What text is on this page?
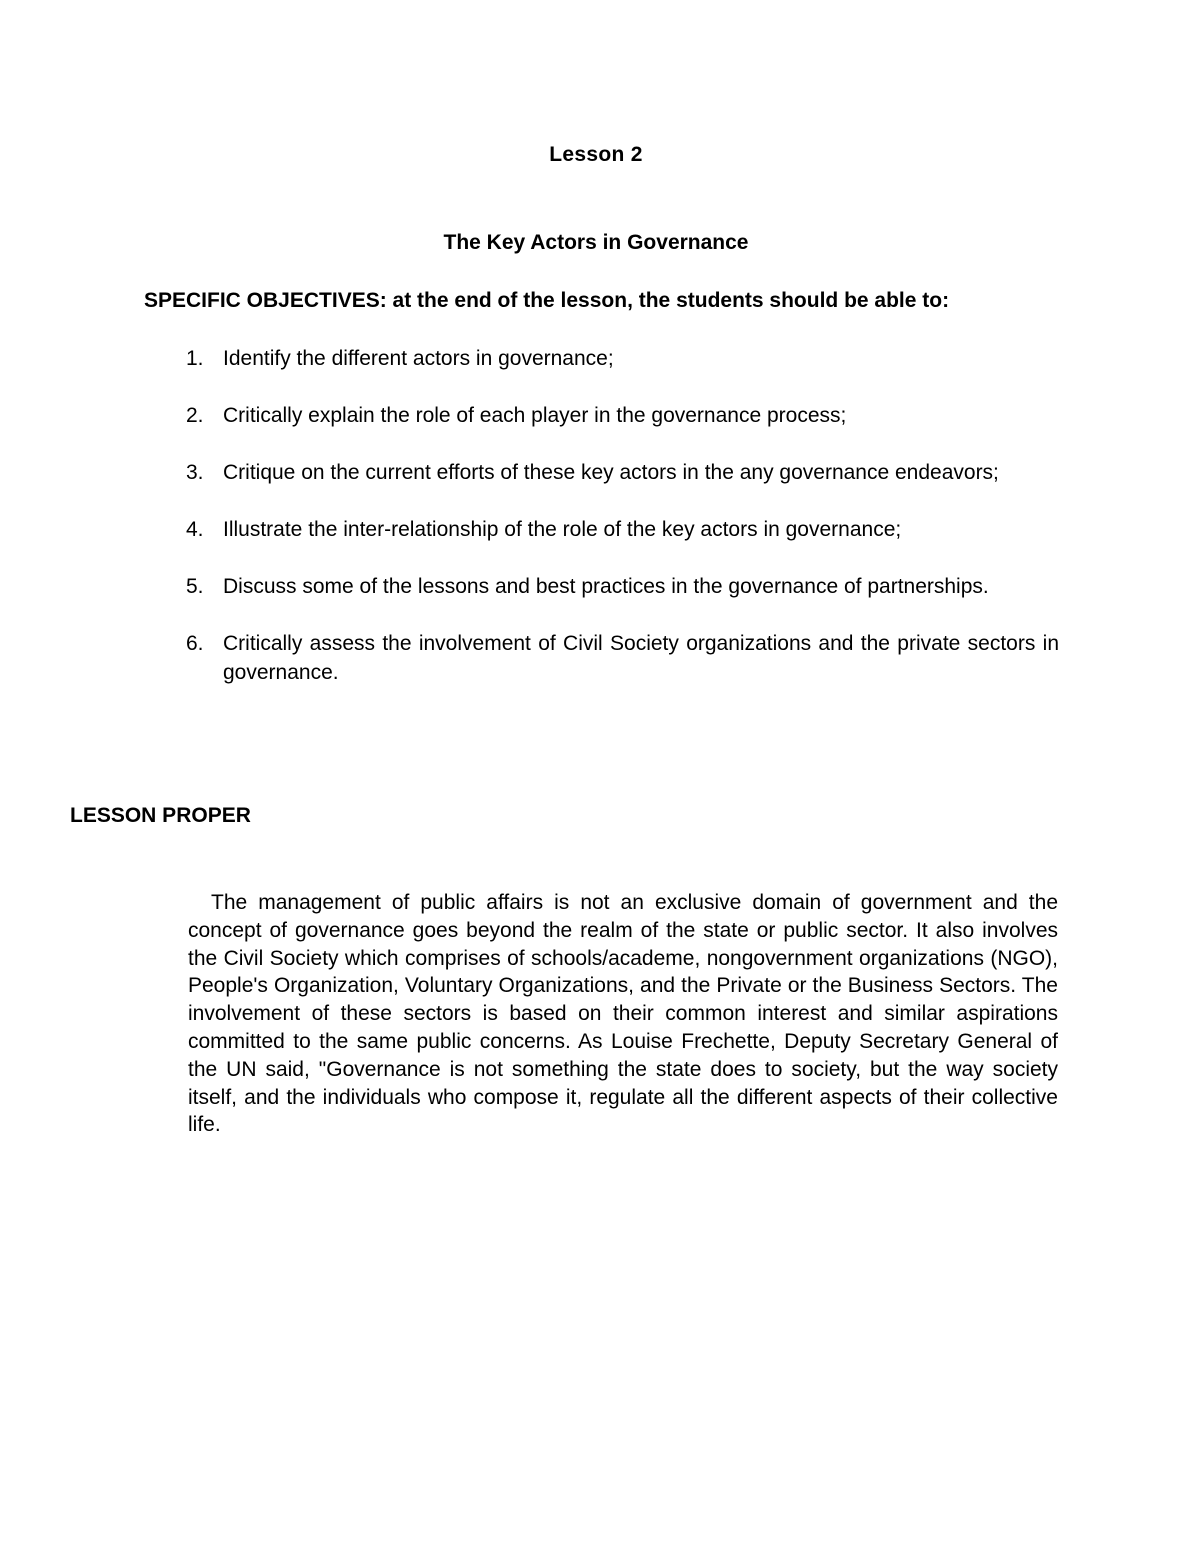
Lesson 2
The Key Actors in Governance
SPECIFIC OBJECTIVES: at the end of the lesson, the students should be able to:
1. Identify the different actors in governance;
2. Critically explain the role of each player in the governance process;
3. Critique on the current efforts of these key actors in the any governance endeavors;
4. Illustrate the inter-relationship of the role of the key actors in governance;
5. Discuss some of the lessons and best practices in the governance of partnerships.
6. Critically assess the involvement of Civil Society organizations and the private sectors in governance.
LESSON PROPER

The management of public affairs is not an exclusive domain of government and the concept of governance goes beyond the realm of the state or public sector. It also involves the Civil Society which comprises of schools/academe, nongovernment organizations (NGO), People's Organization, Voluntary Organizations, and the Private or the Business Sectors. The involvement of these sectors is based on their common interest and similar aspirations committed to the same public concerns. As Louise Frechette, Deputy Secretary General of the UN said, "Governance is not something the state does to society, but the way society itself, and the individuals who compose it, regulate all the different aspects of their collective life.
